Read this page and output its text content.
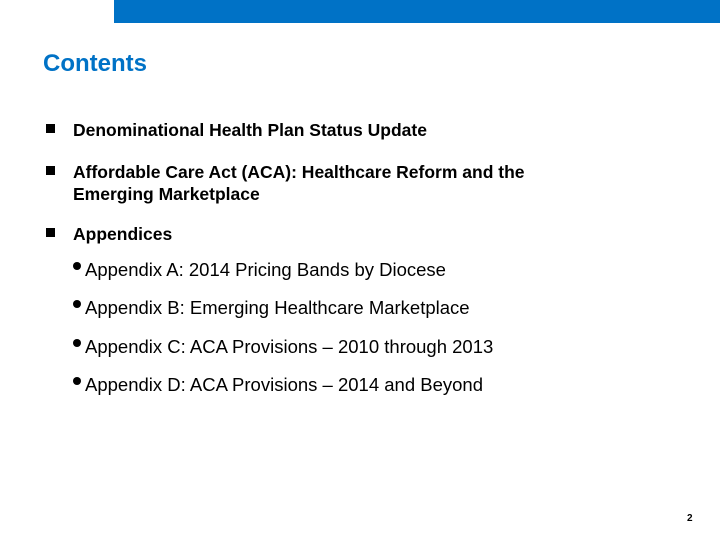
Contents
Denominational Health Plan Status Update
Affordable Care Act (ACA): Healthcare Reform and the
Emerging Marketplace
Appendices
Appendix A: 2014 Pricing Bands by Diocese
Appendix B: Emerging Healthcare Marketplace
Appendix C: ACA Provisions – 2010 through 2013
Appendix D: ACA Provisions – 2014 and Beyond
2
